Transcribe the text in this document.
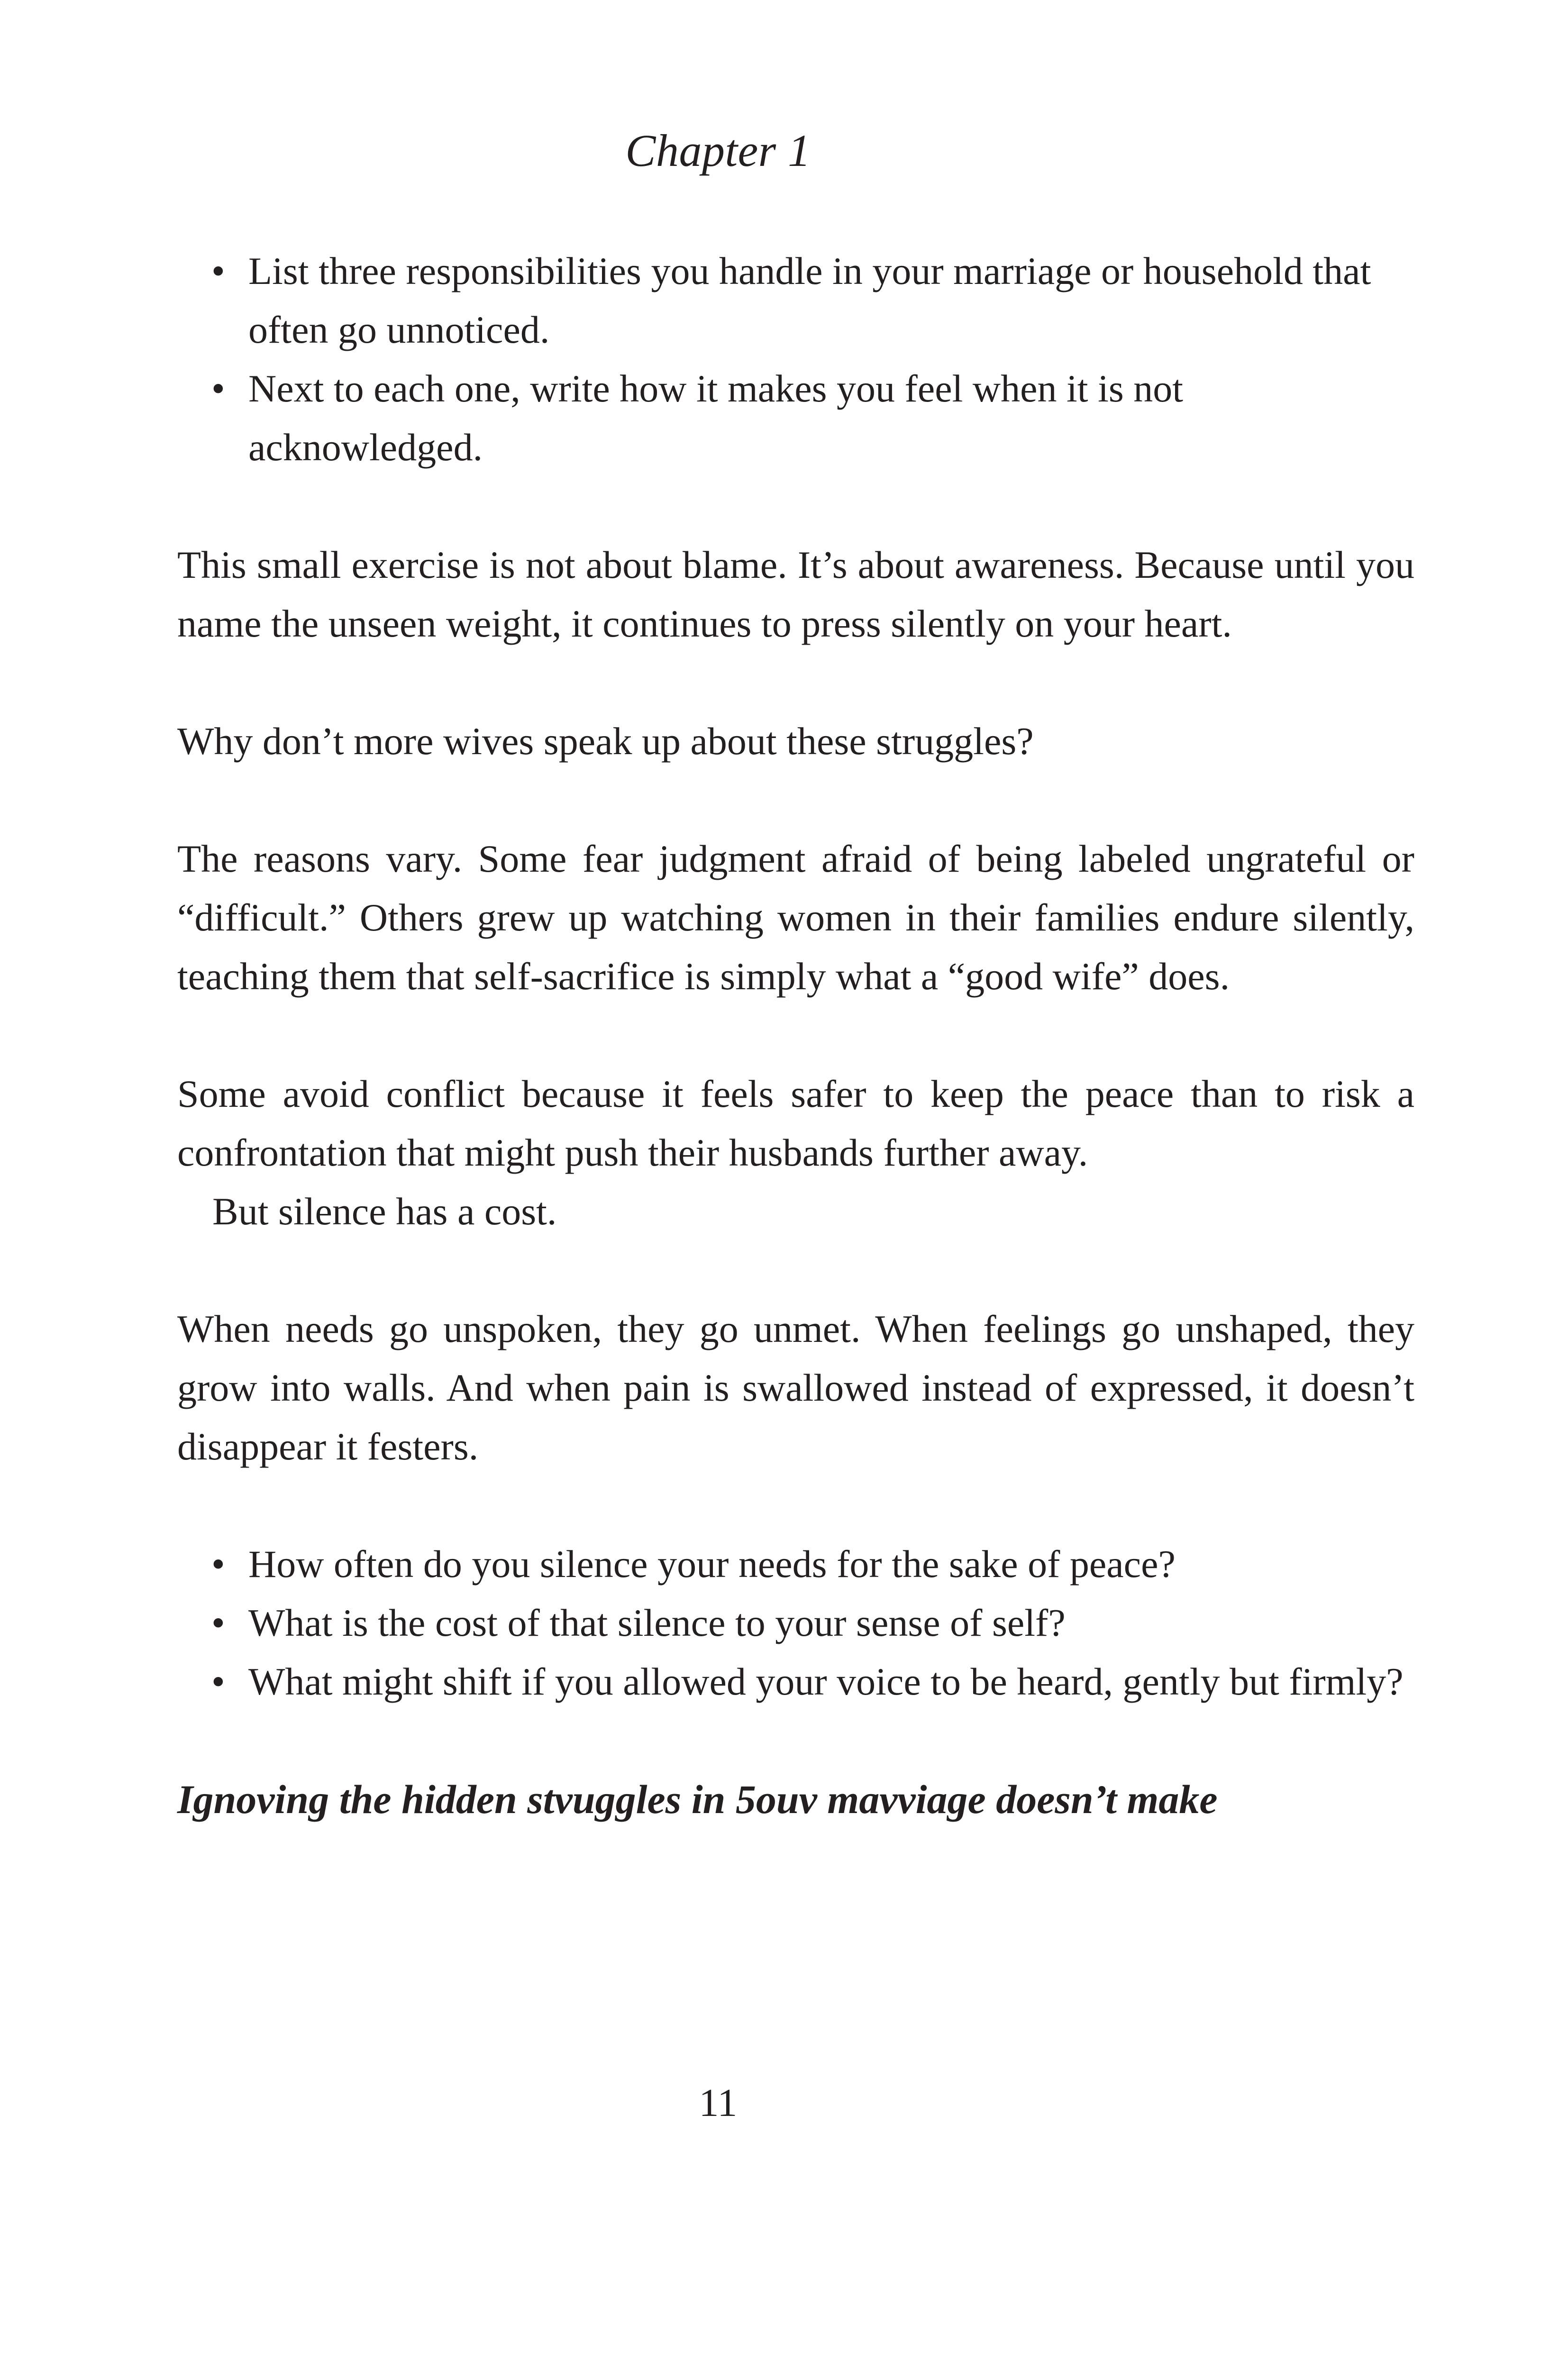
Chapter 1
• List three responsibilities you handle in your marriage or household that often go unnoticed.
• Next to each one, write how it makes you feel when it is not acknowledged.

This small exercise is not about blame. It’s about awareness. Because until you name the unseen weight, it continues to press silently on your heart.

Why don’t more wives speak up about these struggles?

The reasons vary. Some fear judgment afraid of being labeled ungrateful or “difficult.” Others grew up watching women in their families endure silently, teaching them that self-sacrifice is simply what a “good wife” does.

Some avoid conflict because it feels safer to keep the peace than to risk a confrontation that might push their husbands further away.

But silence has a cost.

When needs go unspoken, they go unmet. When feelings go unshaped, they grow into walls. And when pain is swallowed instead of expressed, it doesn’t disappear it festers.

• How often do you silence your needs for the sake of peace?
• What is the cost of that silence to your sense of self?
• What might shift if you allowed your voice to be heard, gently but firmly?

Ignoving the hidden stvuggles in 5ouv mavviage doesn’t make

11
